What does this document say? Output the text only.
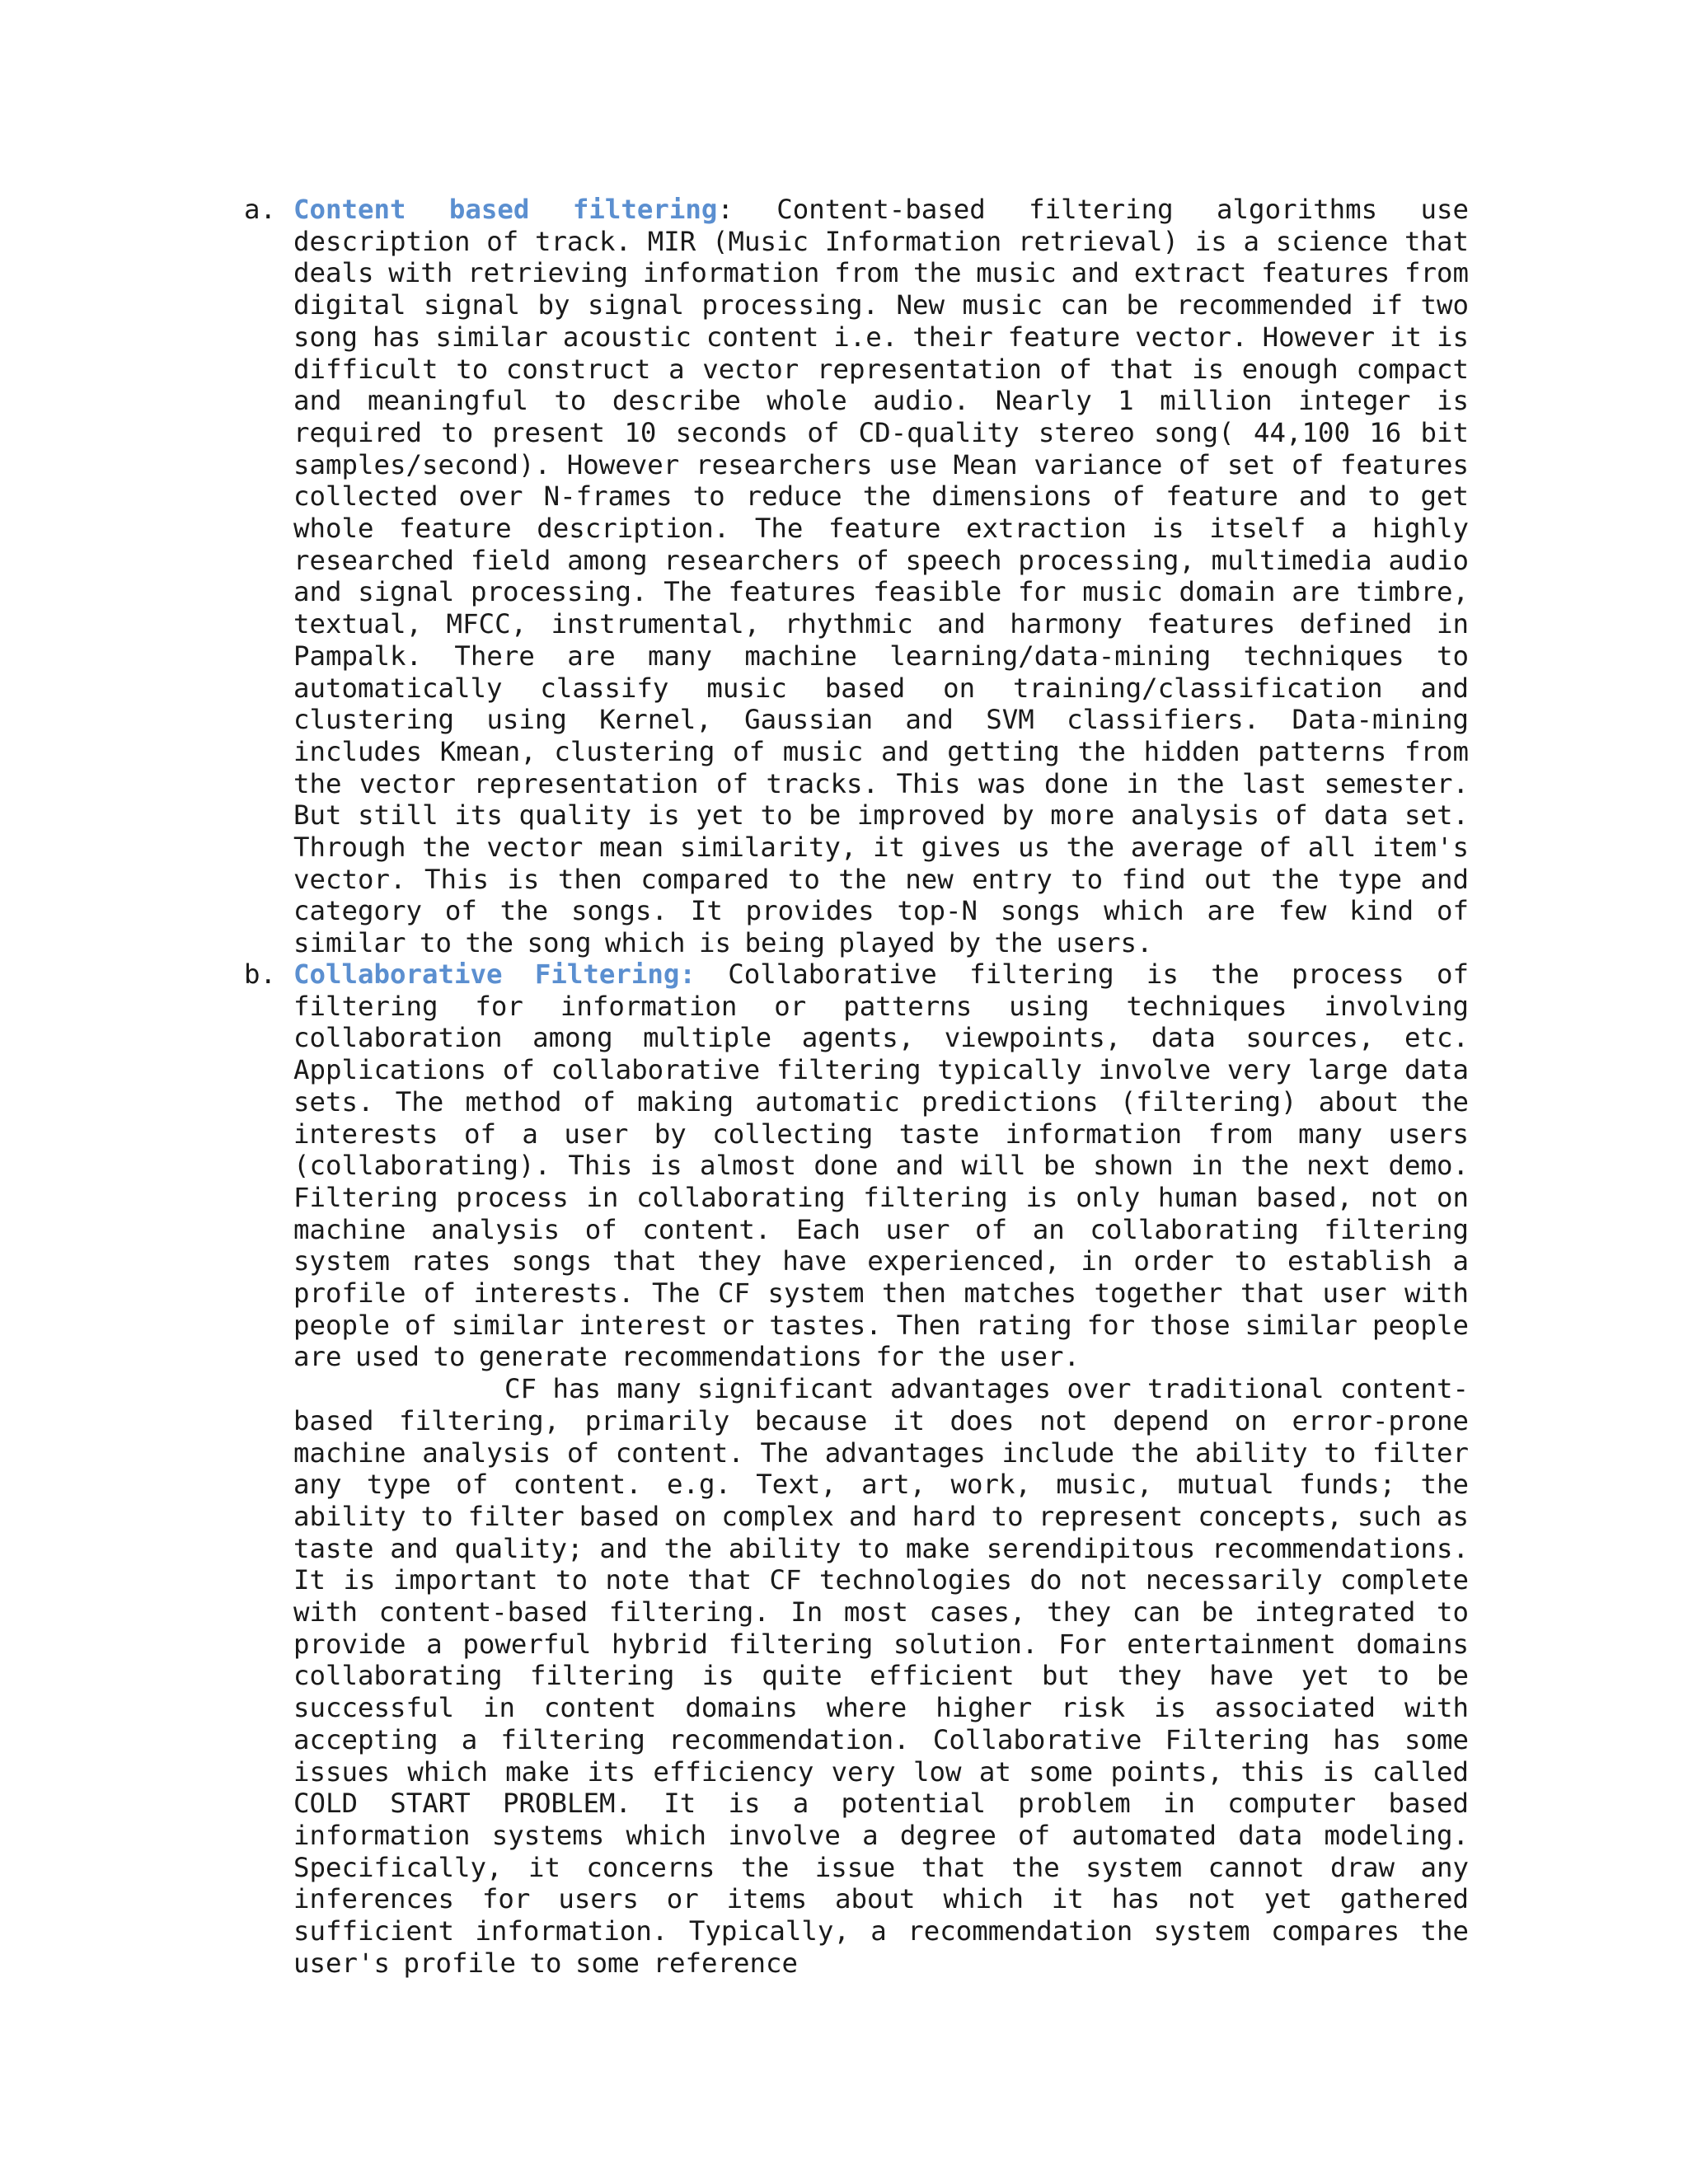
a. Content based filtering: Content-based filtering algorithms use description of track. MIR (Music Information retrieval) is a science that deals with retrieving information from the music and extract features from digital signal by signal processing. New music can be recommended if two song has similar acoustic content i.e. their feature vector. However it is difficult to construct a vector representation of that is enough compact and meaningful to describe whole audio. Nearly 1 million integer is required to present 10 seconds of CD-quality stereo song( 44,100 16 bit samples/second). However researchers use Mean variance of set of features collected over N-frames to reduce the dimensions of feature and to get whole feature description. The feature extraction is itself a highly researched field among researchers of speech processing, multimedia audio and signal processing. The features feasible for music domain are timbre, textual, MFCC, instrumental, rhythmic and harmony features defined in Pampalk. There are many machine learning/data-mining techniques to automatically classify music based on training/classification and clustering using Kernel, Gaussian and SVM classifiers. Data-mining includes Kmean, clustering of music and getting the hidden patterns from the vector representation of tracks. This was done in the last semester. But still its quality is yet to be improved by more analysis of data set. Through the vector mean similarity, it gives us the average of all item's vector. This is then compared to the new entry to find out the type and category of the songs. It provides top-N songs which are few kind of similar to the song which is being played by the users.

b. Collaborative Filtering: Collaborative filtering is the process of filtering for information or patterns using techniques involving collaboration among multiple agents, viewpoints, data sources, etc. Applications of collaborative filtering typically involve very large data sets. The method of making automatic predictions (filtering) about the interests of a user by collecting taste information from many users (collaborating). This is almost done and will be shown in the next demo. Filtering process in collaborating filtering is only human based, not on machine analysis of content. Each user of an collaborating filtering system rates songs that they have experienced, in order to establish a profile of interests. The CF system then matches together that user with people of similar interest or tastes. Then rating for those similar people are used to generate recommendations for the user.

CF has many significant advantages over traditional content-based filtering, primarily because it does not depend on error-prone machine analysis of content. The advantages include the ability to filter any type of content. e.g. Text, art, work, music, mutual funds; the ability to filter based on complex and hard to represent concepts, such as taste and quality; and the ability to make serendipitous recommendations. It is important to note that CF technologies do not necessarily complete with content-based filtering. In most cases, they can be integrated to provide a powerful hybrid filtering solution. For entertainment domains collaborating filtering is quite efficient but they have yet to be successful in content domains where higher risk is associated with accepting a filtering recommendation. Collaborative Filtering has some issues which make its efficiency very low at some points, this is called COLD START PROBLEM. It is a potential problem in computer based information systems which involve a degree of automated data modeling. Specifically, it concerns the issue that the system cannot draw any inferences for users or items about which it has not yet gathered sufficient information. Typically, a recommendation system compares the user's profile to some reference
